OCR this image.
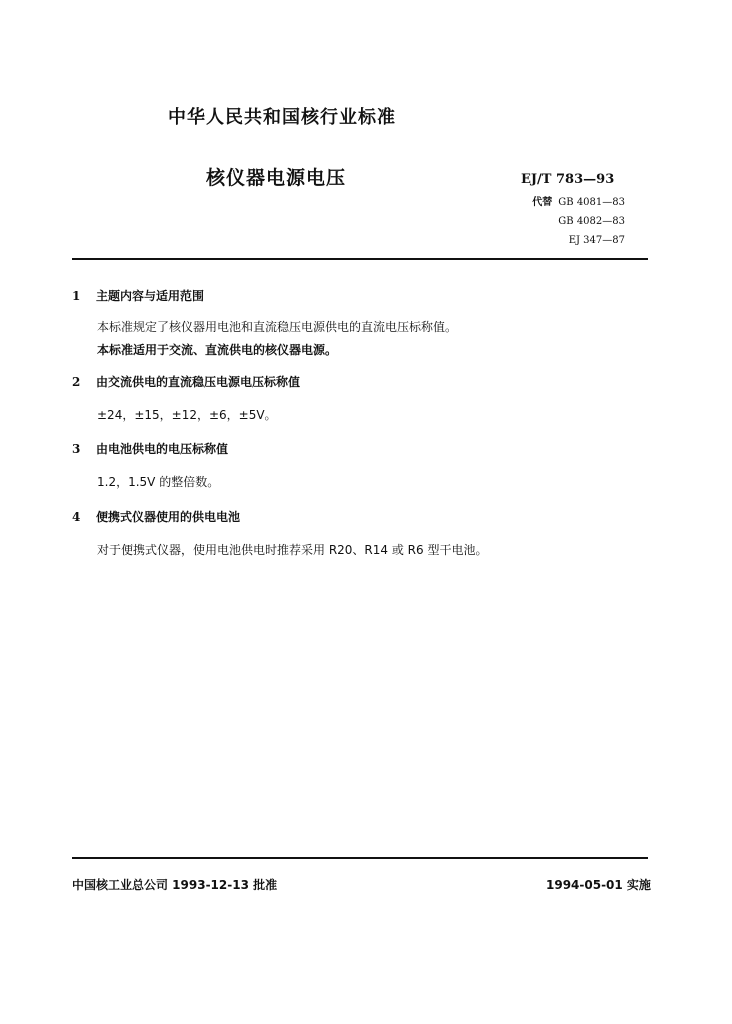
中华人民共和国核行业标准
核仪器电源电压	EJ/T 783—93
代替 GB 4081—83
GB 4082—83
EJ 347—87
1 主题内容与适用范围
本标准规定了核仪器用电池和直流稳压电源供电的直流电压标称值。
本标准适用于交流、直流供电的核仪器电源。
2 由交流供电的直流稳压电源电压标称值
±24，±15，±12，±6，±5V。
3 由电池供电的电压标称值
1.2，1.5V 的整倍数。
4 便携式仪器使用的供电电池
对于便携式仪器，使用电池供电时推荐采用 R20、R14 或 R6 型干电池。
中国核工业总公司 1993-12-13 批准	1994-05-01 实施
